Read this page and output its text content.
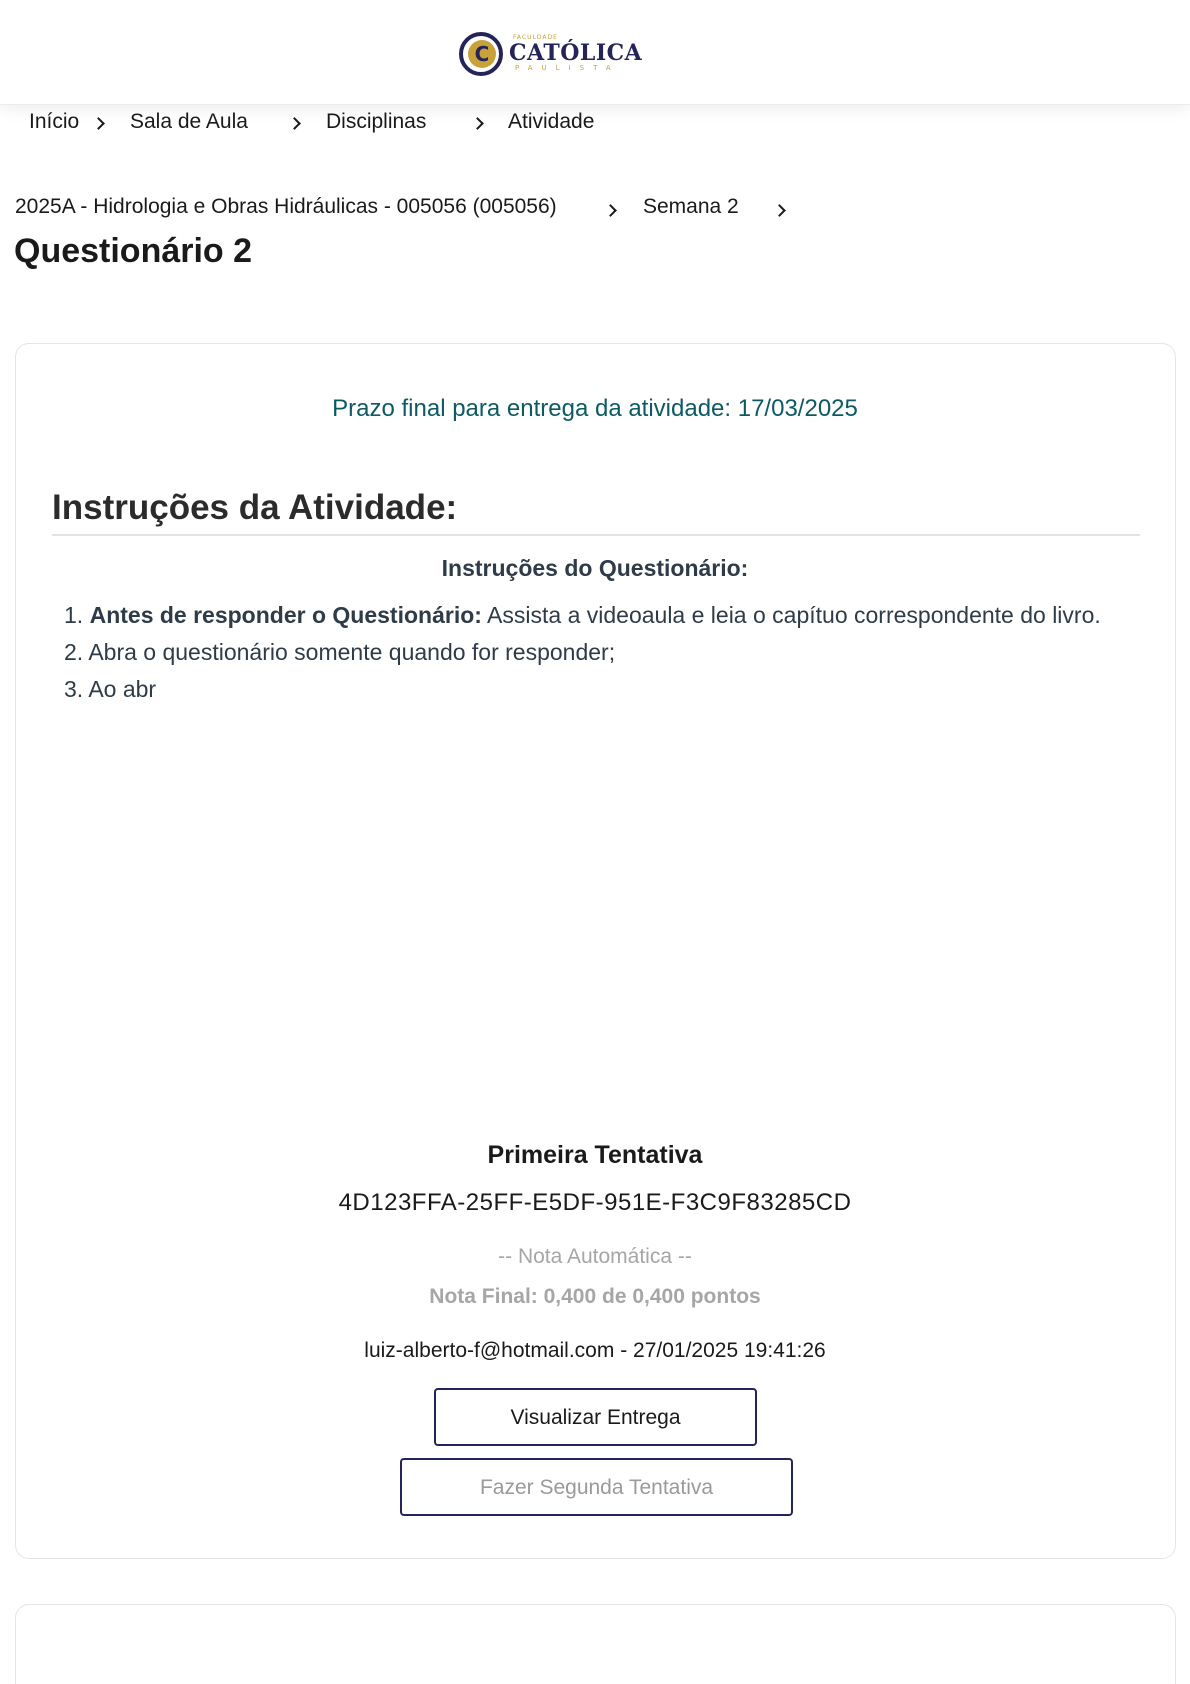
C
FACULDADE
CATÓLICA
PAULISTA
Início Sala de Aula	Disciplinas	Atividade
2025A - Hidrologia e Obras Hidráulicas - 005056 (005056)	Semana 2
Questionário 2
Prazo final para entrega da atividade: 17/03/2025
Instruções da Atividade:
Instruções do Questionário:
1. Antes de responder o Questionário: Assista a videoaula e leia o capítuo correspondente do livro.
2. Abra o questionário somente quando for responder;
3. Ao abr
Primeira Tentativa
4D123FFA-25FF-E5DF-951E-F3C9F83285CD
-- Nota Automática --
Nota Final: 0,400 de 0,400 pontos
luiz-alberto-f@hotmail.com - 27/01/2025 19:41:26
Visualizar Entrega
Fazer Segunda Tentativa
